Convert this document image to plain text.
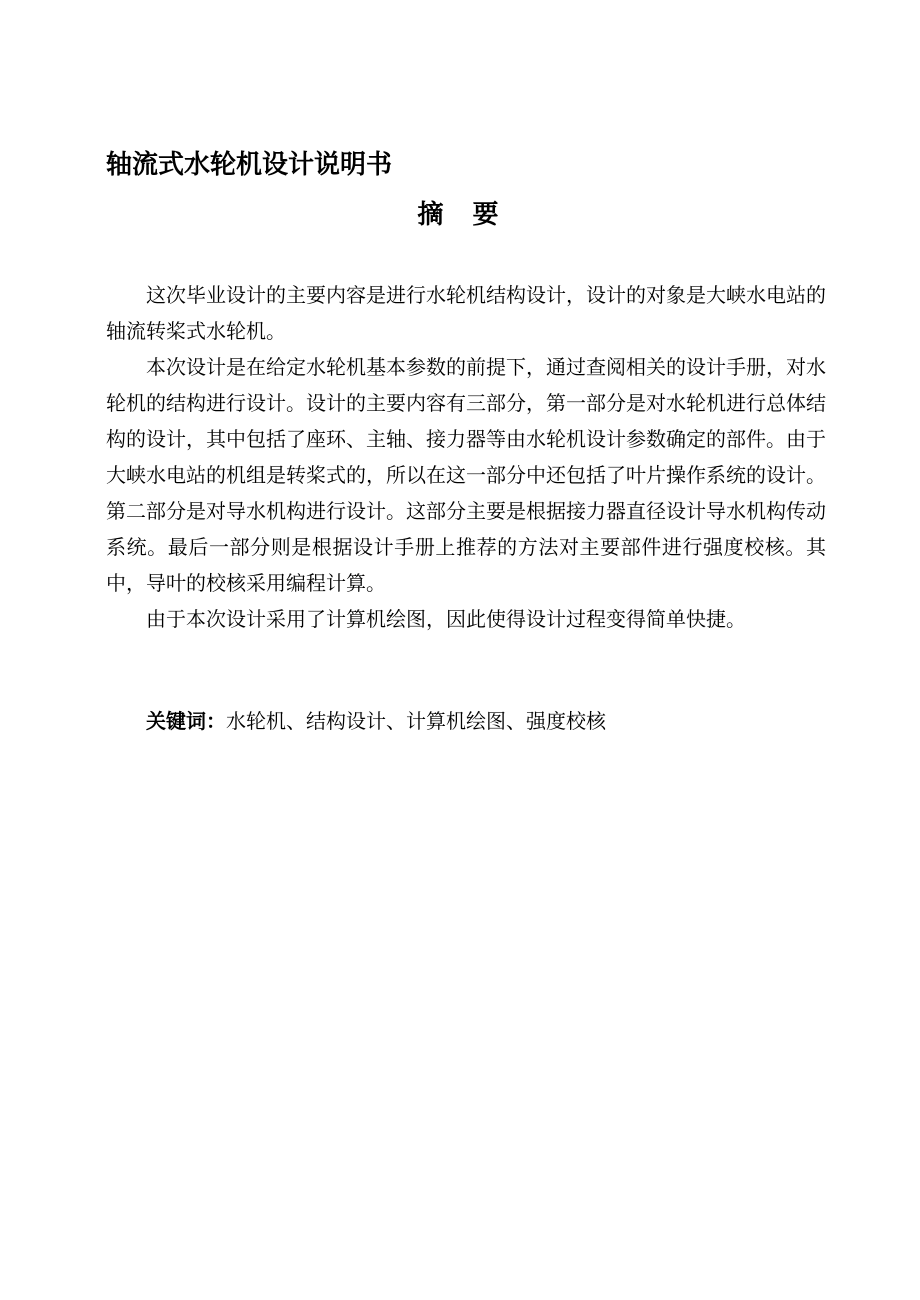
轴流式水轮机设计说明书
摘 要

这次毕业设计的主要内容是进行水轮机结构设计，设计的对象是大峡水电站的轴流转桨式水轮机。

本次设计是在给定水轮机基本参数的前提下，通过查阅相关的设计手册，对水轮机的结构进行设计。设计的主要内容有三部分，第一部分是对水轮机进行总体结构的设计，其中包括了座环、主轴、接力器等由水轮机设计参数确定的部件。由于大峡水电站的机组是转桨式的，所以在这一部分中还包括了叶片操作系统的设计。第二部分是对导水机构进行设计。这部分主要是根据接力器直径设计导水机构传动系统。最后一部分则是根据设计手册上推荐的方法对主要部件进行强度校核。其中，导叶的校核采用编程计算。

由于本次设计采用了计算机绘图，因此使得设计过程变得简单快捷。

关键词：水轮机、结构设计、计算机绘图、强度校核
